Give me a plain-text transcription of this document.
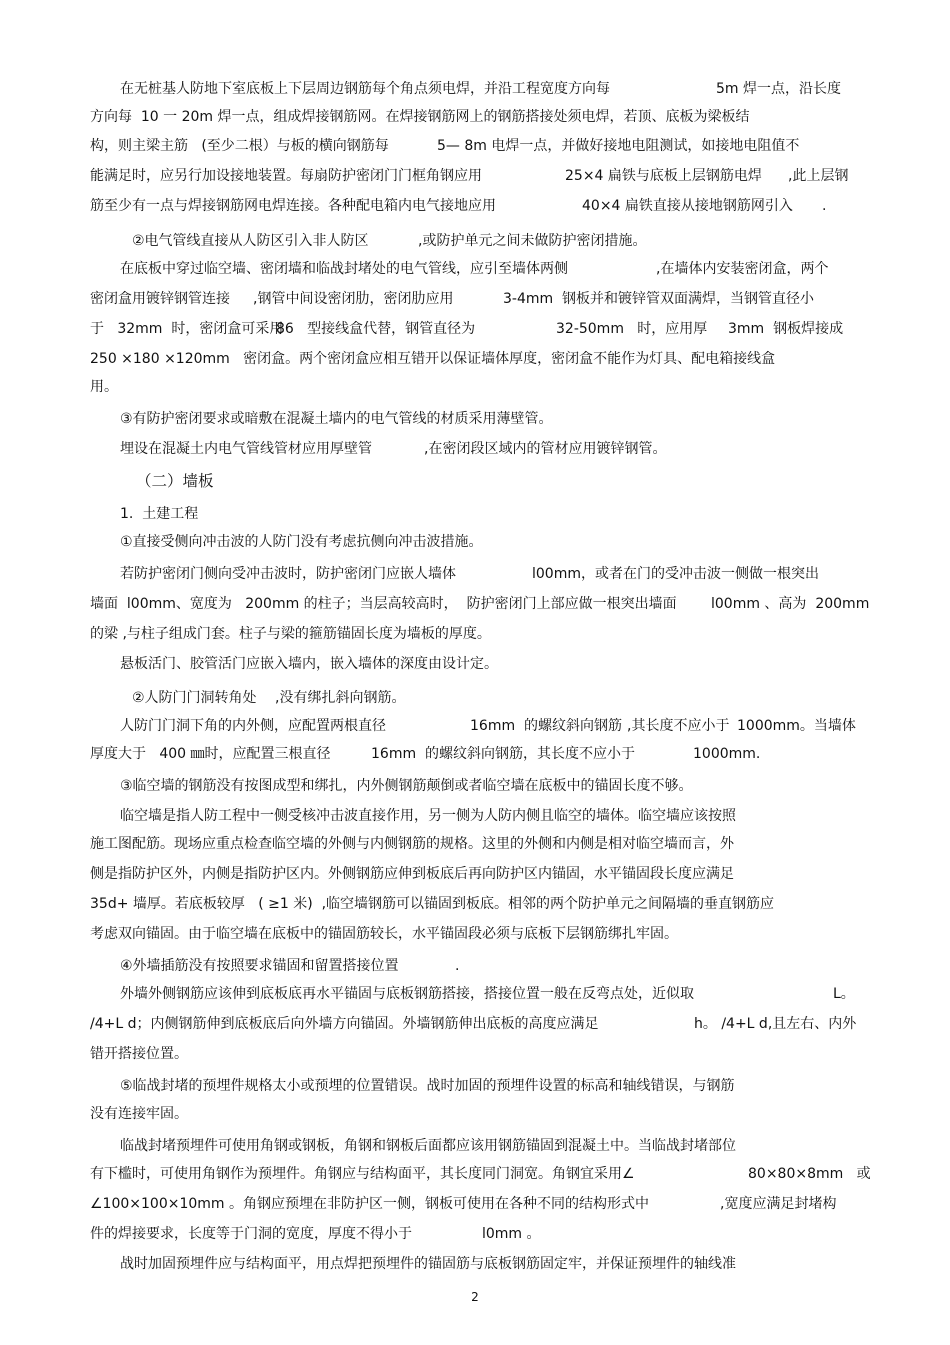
在无桩基人防地下室底板上下层周边钢筋每个角点须电焊，并沿工程宽度方向每	5m 焊一点，沿长度
方向每  10 一 20m 焊一点，组成焊接钢筋网。在焊接钢筋网上的钢筋搭接处须电焊，若顶、底板为梁板结
构，则主梁主筋   (至少二根）与板的横向钢筋每	5— 8m 电焊一点，并做好接地电阻测试，如接地电阻值不
能满足时，应另行加设接地装置。每扇防护密闭门门框角钢应用	25×4 扁铁与底板上层钢筋电焊 ,此上层钢
筋至少有一点与焊接钢筋网电焊连接。各种配电箱内电气接地应用	40×4 扁铁直接从接地钢筋网引入 .
②电气管线直接从人防区引入非人防区	,或防护单元之间未做防护密闭措施。
在底板中穿过临空墙、密闭墙和临战封堵处的电气管线，应引至墙体两侧	,在墙体内安装密闭盒，两个
密闭盒用镀锌钢管连接 ,钢管中间设密闭肋，密闭肋应用	3-4mm  钢板并和镀锌管双面满焊，当钢管直径小
于   32mm  时，密闭盒可采用
86   型接线盒代替，钢管直径为	32-50mm   时，应用厚 3mm  钢板焊接成
250 ×180 ×120mm   密闭盒。两个密闭盒应相互错开以保证墙体厚度，密闭盒不能作为灯具、配电箱接线盒
用。
③有防护密闭要求或暗敷在混凝土墙内的电气管线的材质采用薄壁管。
埋设在混凝土内电气管线管材应用厚壁管	,在密闭段区域内的管材应用镀锌钢管。
（二）墙板
1.  土建工程
①直接受侧向冲击波的人防门没有考虑抗侧向冲击波措施。
若防护密闭门侧向受冲击波时，防护密闭门应嵌人墙体	l00mm，或者在门的受冲击波一侧做一根突出
墙面  l00mm、宽度为   200mm 的柱子；当层高较高时，  防护密闭门上部应做一根突出墙面 l00mm 、高为  200mm
的梁 ,与柱子组成门套。柱子与梁的箍筋锚固长度为墙板的厚度。
悬板活门、胶管活门应嵌入墙内，嵌入墙体的深度由设计定。
②人防门门洞转角处 ,没有绑扎斜向钢筋。
人防门门洞下角的内外侧，应配置两根直径	16mm  的螺纹斜向钢筋 ,其长度不应小于 1000mm。当墙体
厚度大于   400 ㎜时，应配置三根直径	16mm  的螺纹斜向钢筋，其长度不应小于	1000mm.
③临空墙的钢筋没有按图成型和绑扎，内外侧钢筋颠倒或者临空墙在底板中的锚固长度不够。
临空墙是指人防工程中一侧受核冲击波直接作用，另一侧为人防内侧且临空的墙体。临空墙应该按照
施工图配筋。现场应重点检查临空墙的外侧与内侧钢筋的规格。这里的外侧和内侧是相对临空墙而言，外
侧是指防护区外，内侧是指防护区内。外侧钢筋应伸到板底后再向防护区内锚固，水平锚固段长度应满足
35d+ 墙厚。若底板较厚   ( ≥1 米)  ,临空墙钢筋可以锚固到板底。相邻的两个防护单元之间隔墙的垂直钢筋应
考虑双向锚固。由于临空墙在底板中的锚固筋较长，水平锚固段必须与底板下层钢筋绑扎牢固。
④外墙插筋没有按照要求锚固和留置搭接位置	.
外墙外侧钢筋应该伸到底板底再水平锚固与底板钢筋搭接，搭接位置一般在反弯点处，近似取	L。
/4+L d；内侧钢筋伸到底板底后向外墙方向锚固。外墙钢筋伸出底板的高度应满足	h。 /4+L d,且左右、内外
错开搭接位置。
⑤临战封堵的预埋件规格太小或预埋的位置错误。战时加固的预埋件设置的标高和轴线错误，与钢筋
没有连接牢固。
临战封堵预埋件可使用角钢或钢板，角钢和钢板后面都应该用钢筋锚固到混凝土中。当临战封堵部位
有下槛时，可使用角钢作为预埋件。角钢应与结构面平，其长度同门洞宽。角钢宜采用∠	80×80×8mm   或
∠100×100×10mm 。角钢应预埋在非防护区一侧，钢板可使用在各种不同的结构形式中	,宽度应满足封堵构
件的焊接要求，长度等于门洞的宽度，厚度不得小于	l0mm 。
战时加固预埋件应与结构面平，用点焊把预埋件的锚固筋与底板钢筋固定牢，并保证预埋件的轴线准
2
